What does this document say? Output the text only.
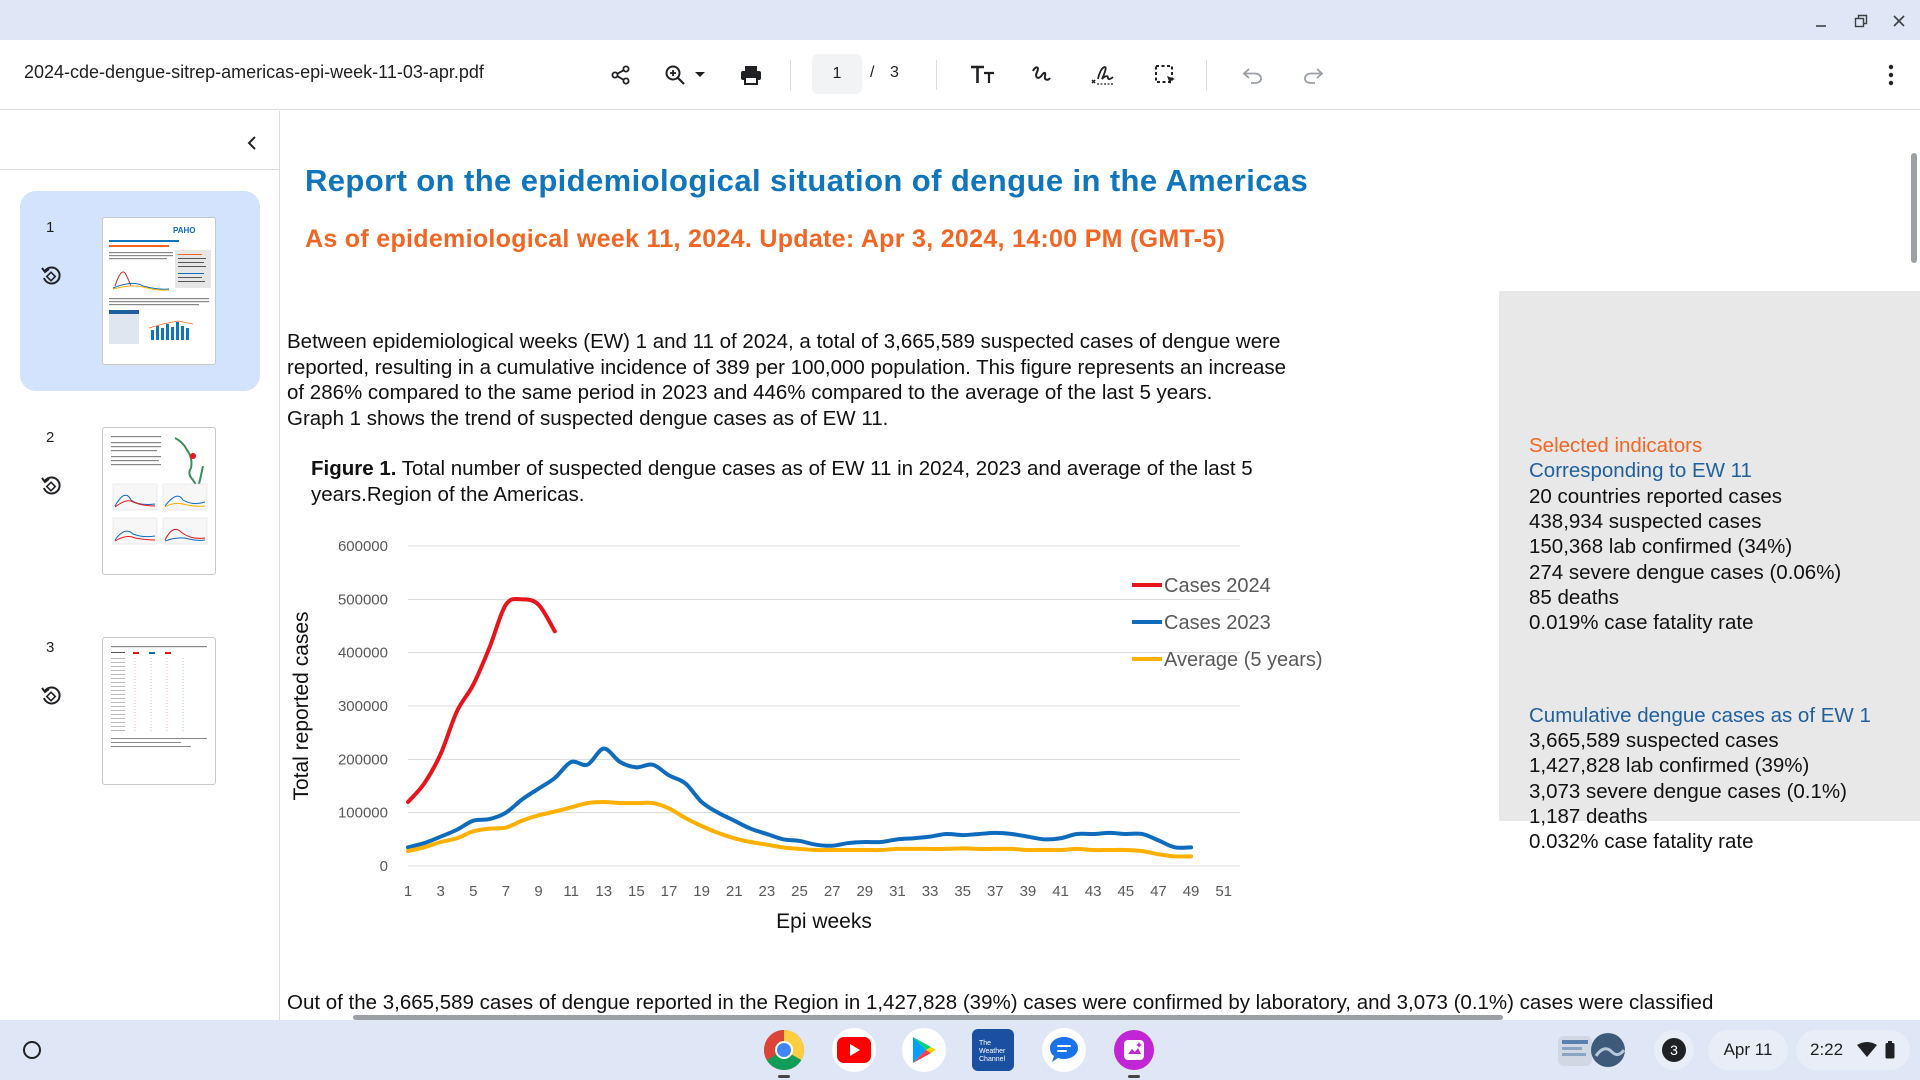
2024-cde-dengue-sitrep-americas-epi-week-11-03-apr.pdf	1	/ 3
1	PAHO
2
3
Report on the epidemiological situation of dengue in the Americas
As of epidemiological week 11, 2024. Update: Apr 3, 2024, 14:00 PM (GMT-5)
Between epidemiological weeks (EW) 1 and 11 of 2024, a total of 3,665,589 suspected cases of dengue were
reported, resulting in a cumulative incidence of 389 per 100,000 population. This figure represents an increase
of 286% compared to the same period in 2023 and 446% compared to the average of the last 5 years.
Graph 1 shows the trend of suspected dengue cases as of EW 11.
Figure 1. Total number of suspected dengue cases as of EW 11 in 2024, 2023 and average of the last 5
years.Region of the Americas.
0
100000
200000
300000
400000
500000
600000
1 3 5 7 9 11 13 15 17 19 21 23 25 27 29 31 33 35 37 39 41 43 45 47 49 51
Epi weeks
Total reported cases
Cases 2024
Cases 2023
Average (5 years)
Selected indicators
Corresponding to EW 11
20 countries reported cases
438,934 suspected cases
150,368 lab confirmed (34%)
274 severe dengue cases (0.06%)
85 deaths
0.019% case fatality rate
Cumulative dengue cases as of EW 1
3,665,589 suspected cases
1,427,828 lab confirmed (39%)
3,073 severe dengue cases (0.1%)
1,187 deaths
0.032% case fatality rate
Out of the 3,665,589 cases of dengue reported in the Region in 1,427,828 (39%) cases were confirmed by laboratory, and 3,073 (0.1%) cases were classified
The
Weather
Channel
3	Apr 11	2:22
